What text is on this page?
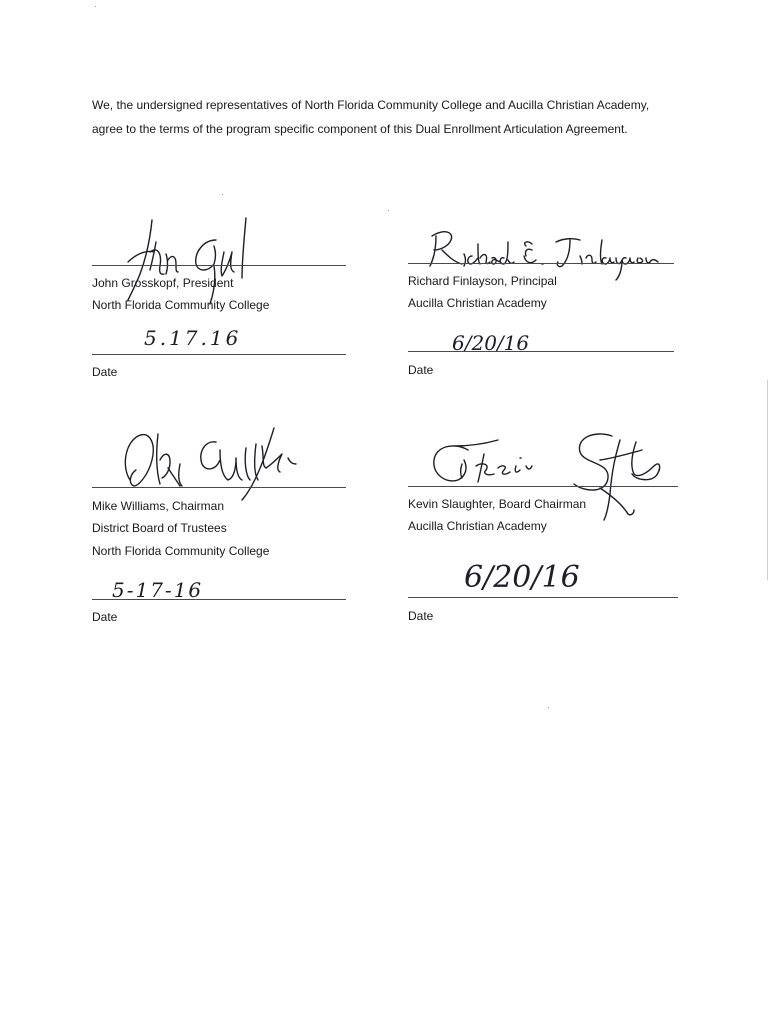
We, the undersigned representatives of North Florida Community College and Aucilla Christian Academy,
agree to the terms of the program specific component of this Dual Enrollment Articulation Agreement.

John Grosskopf, President
North Florida Community College
5.17.16
Date
Richard Finlayson, Principal
Aucilla Christian Academy
6/20/16
Date
Mike Williams, Chairman
District Board of Trustees
North Florida Community College
5-17-16
Date
Kevin Slaughter, Board Chairman
Aucilla Christian Academy
6/20/16
Date
